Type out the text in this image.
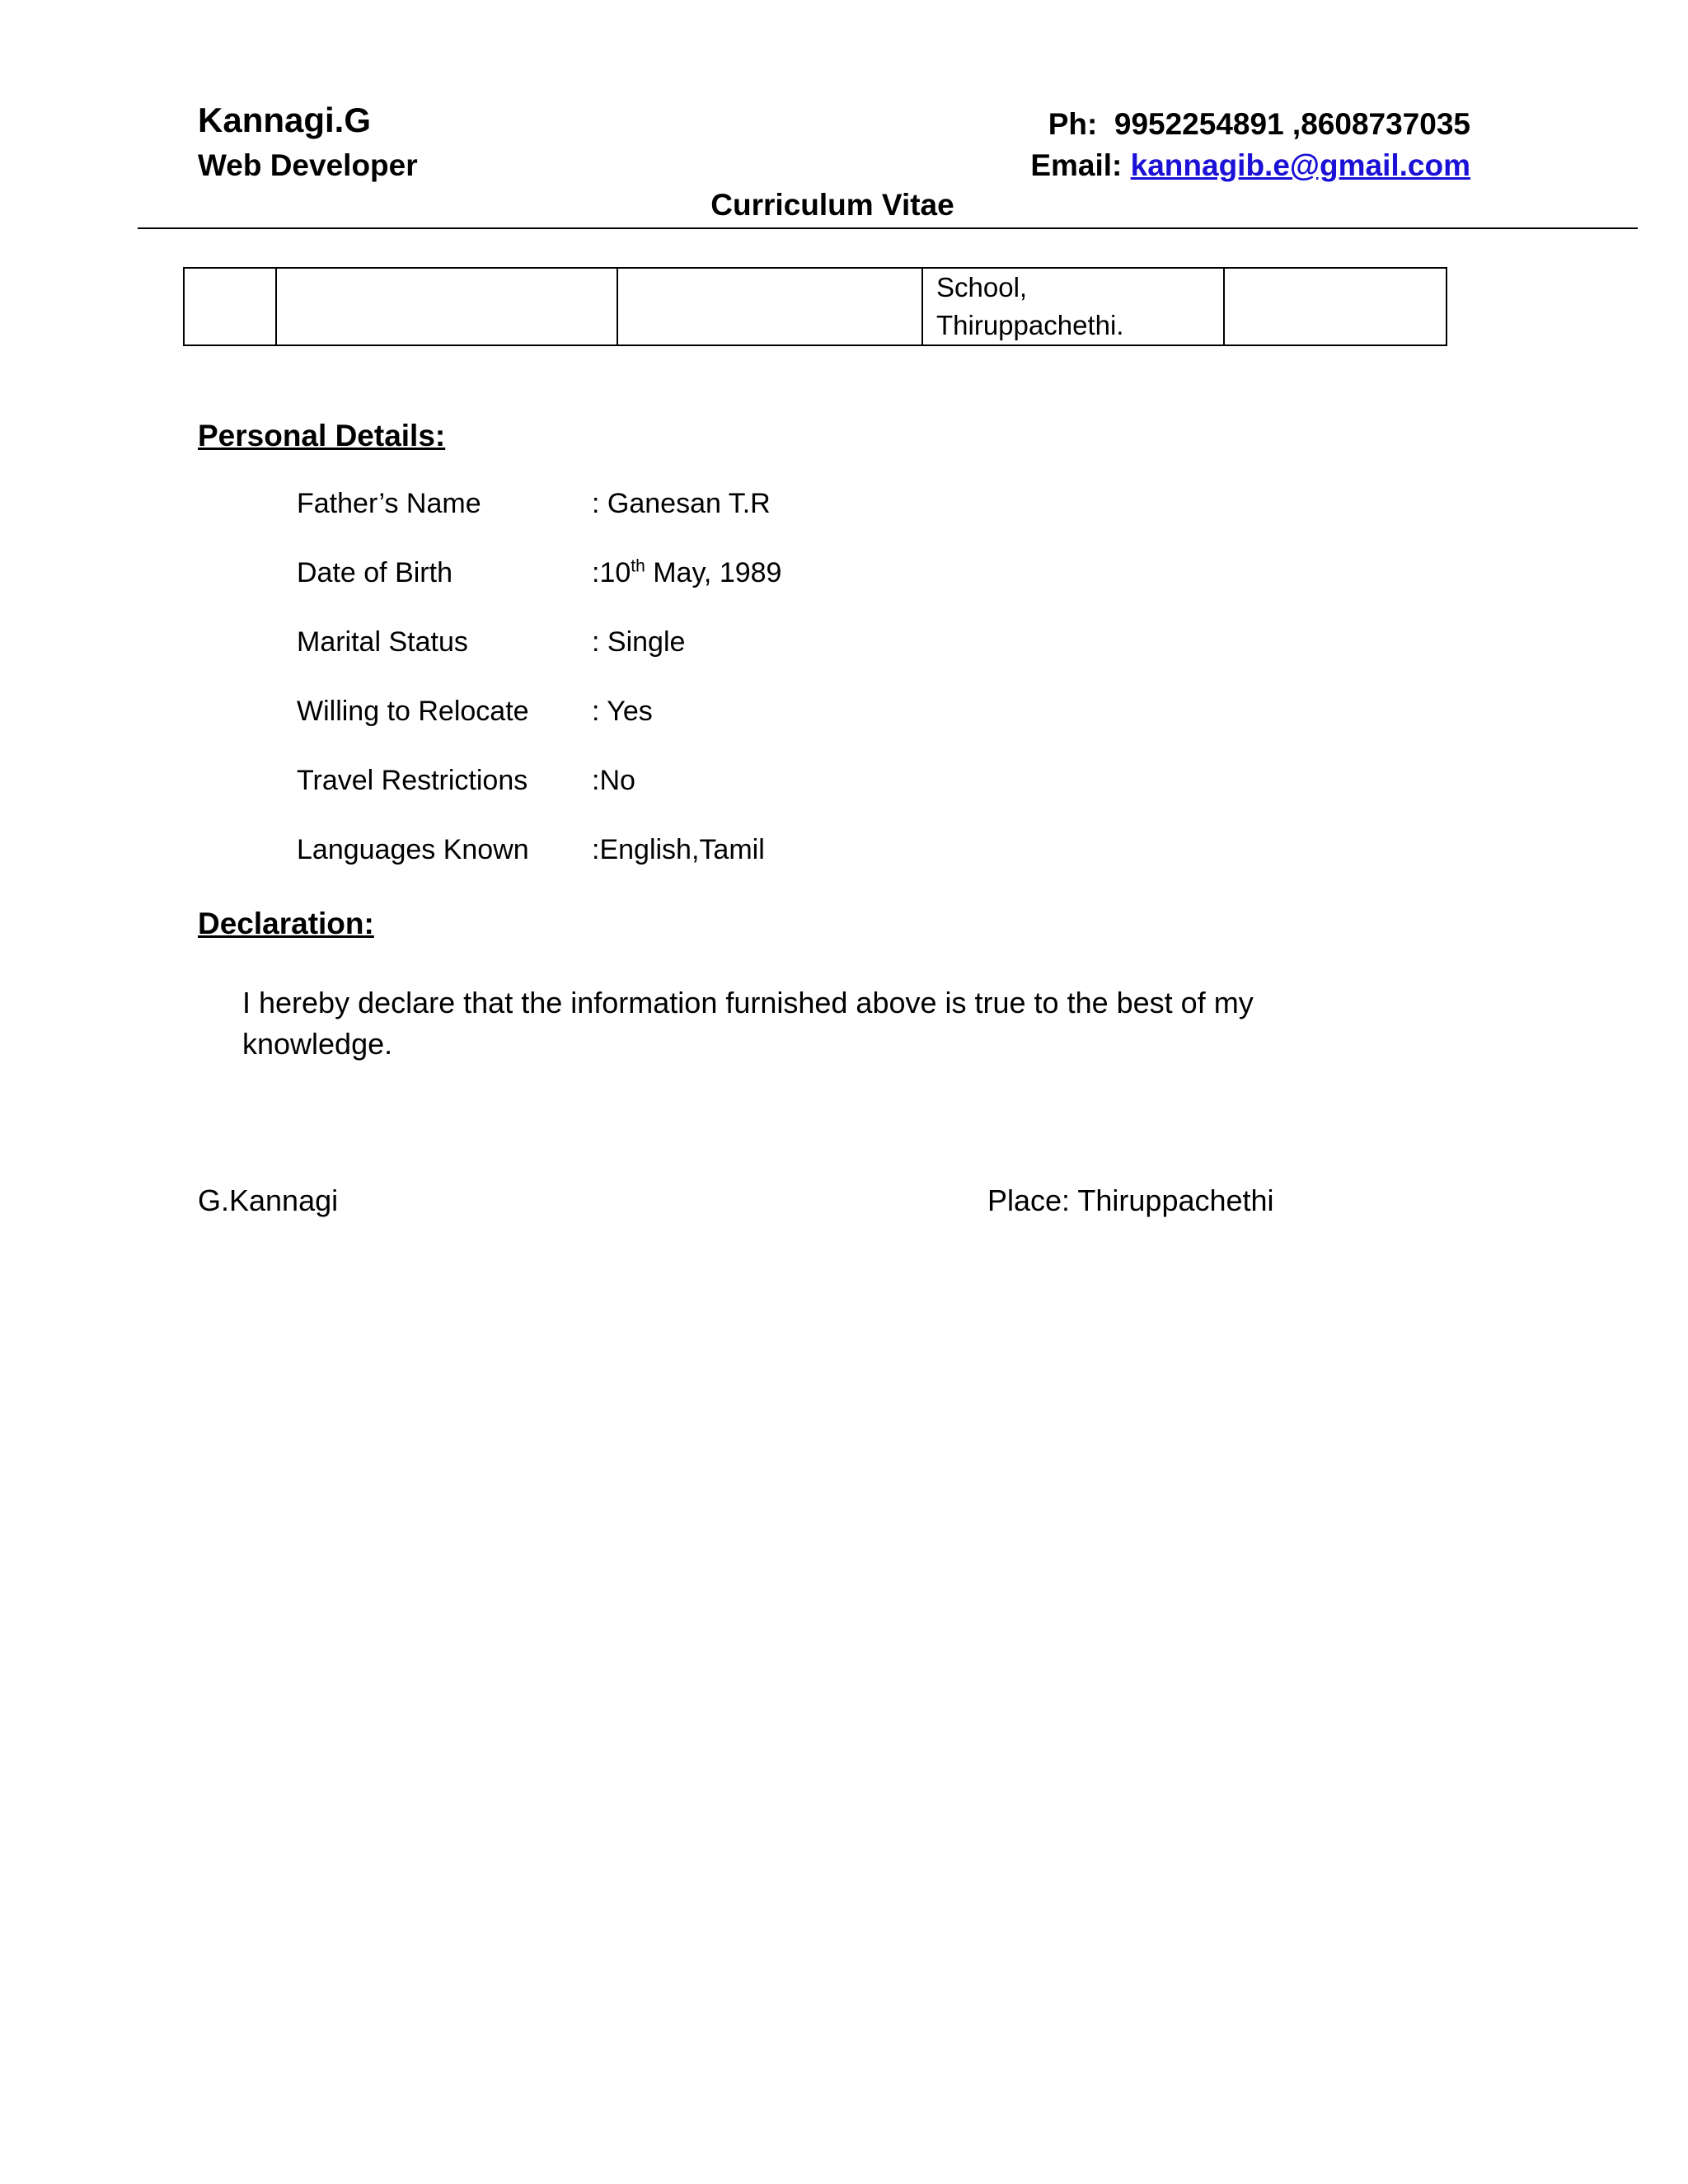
Kannagi.G
Web Developer
Ph: 9952254891 ,8608737035
Email: kannagib.e@gmail.com
Curriculum Vitae
			School, Thiruppachethi.	
Personal Details:
Father’s Name	: Ganesan T.R
Date of Birth	:10th May, 1989
Marital Status	: Single
Willing to Relocate : Yes
Travel Restrictions :No
Languages Known :English,Tamil
Declaration:
I hereby declare that the information furnished above is true to the best of my knowledge.
G.Kannagi	Place: Thiruppachethi
